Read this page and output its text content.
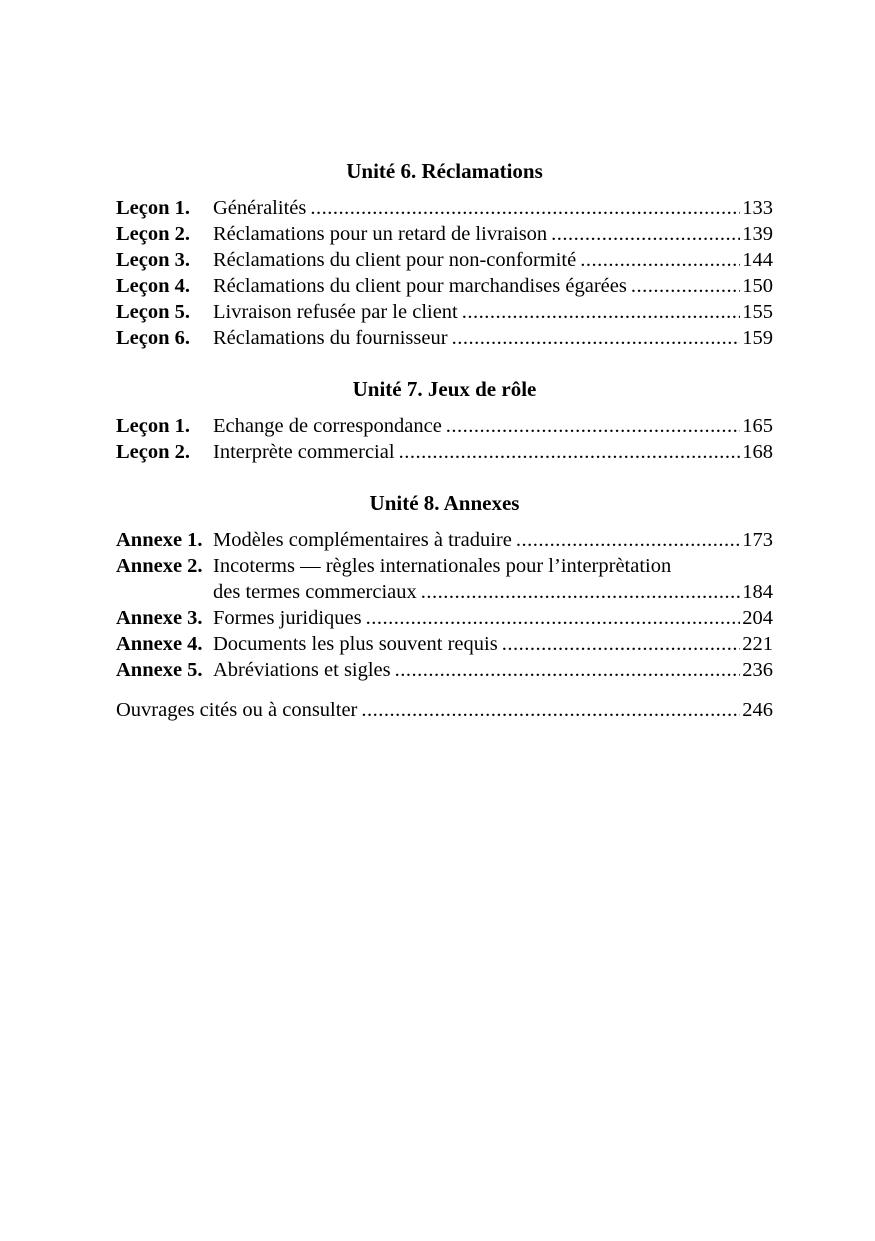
Unité 6. Réclamations
Leçon 1.	Généralités .....	133
Leçon 2.	Réclamations pour un retard de livraison .....	139
Leçon 3.	Réclamations du client pour non-conformité .....	144
Leçon 4.	Réclamations du client pour marchandises égarées .....	150
Leçon 5.	Livraison refusée par le client .....	155
Leçon 6.	Réclamations du fournisseur .....	159
Unité 7. Jeux de rôle
Leçon 1.	Echange de correspondance .....	165
Leçon 2.	Interprète commercial .....	168
Unité 8. Annexes
Annexe 1. Modèles complémentaires à traduire .....	173
Annexe 2. Incoterms — règles internationales pour l’interprètation
des termes commerciaux .....	184
Annexe 3. Formes juridiques .....	204
Annexe 4. Documents les plus souvent requis .....	221
Annexe 5. Abréviations et sigles .....	236
Ouvrages cités ou à consulter .....	246
